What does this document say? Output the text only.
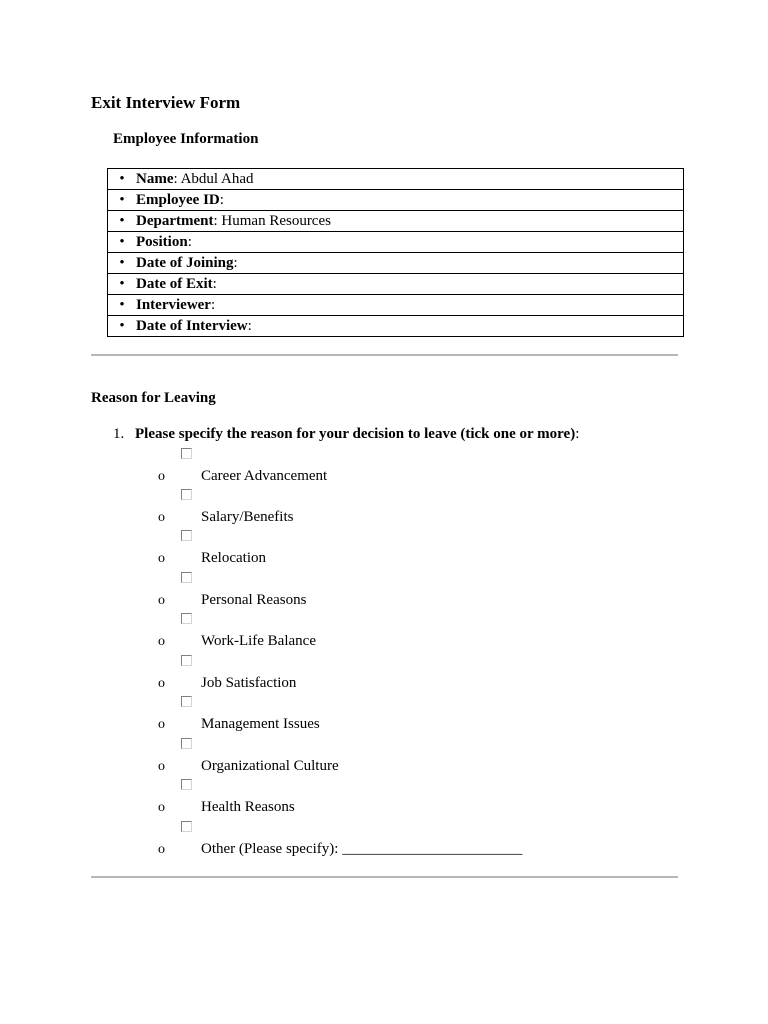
Exit Interview Form
Employee Information
• Name: Abdul Ahad
• Employee ID:
• Department: Human Resources
• Position:
• Date of Joining:
• Date of Exit:
• Interviewer:
• Date of Interview:
Reason for Leaving
1. Please specify the reason for your decision to leave (tick one or more):
o Career Advancement
o Salary/Benefits
o Relocation
o Personal Reasons
o Work-Life Balance
o Job Satisfaction
o Management Issues
o Organizational Culture
o Health Reasons
o Other (Please specify): ________________________
